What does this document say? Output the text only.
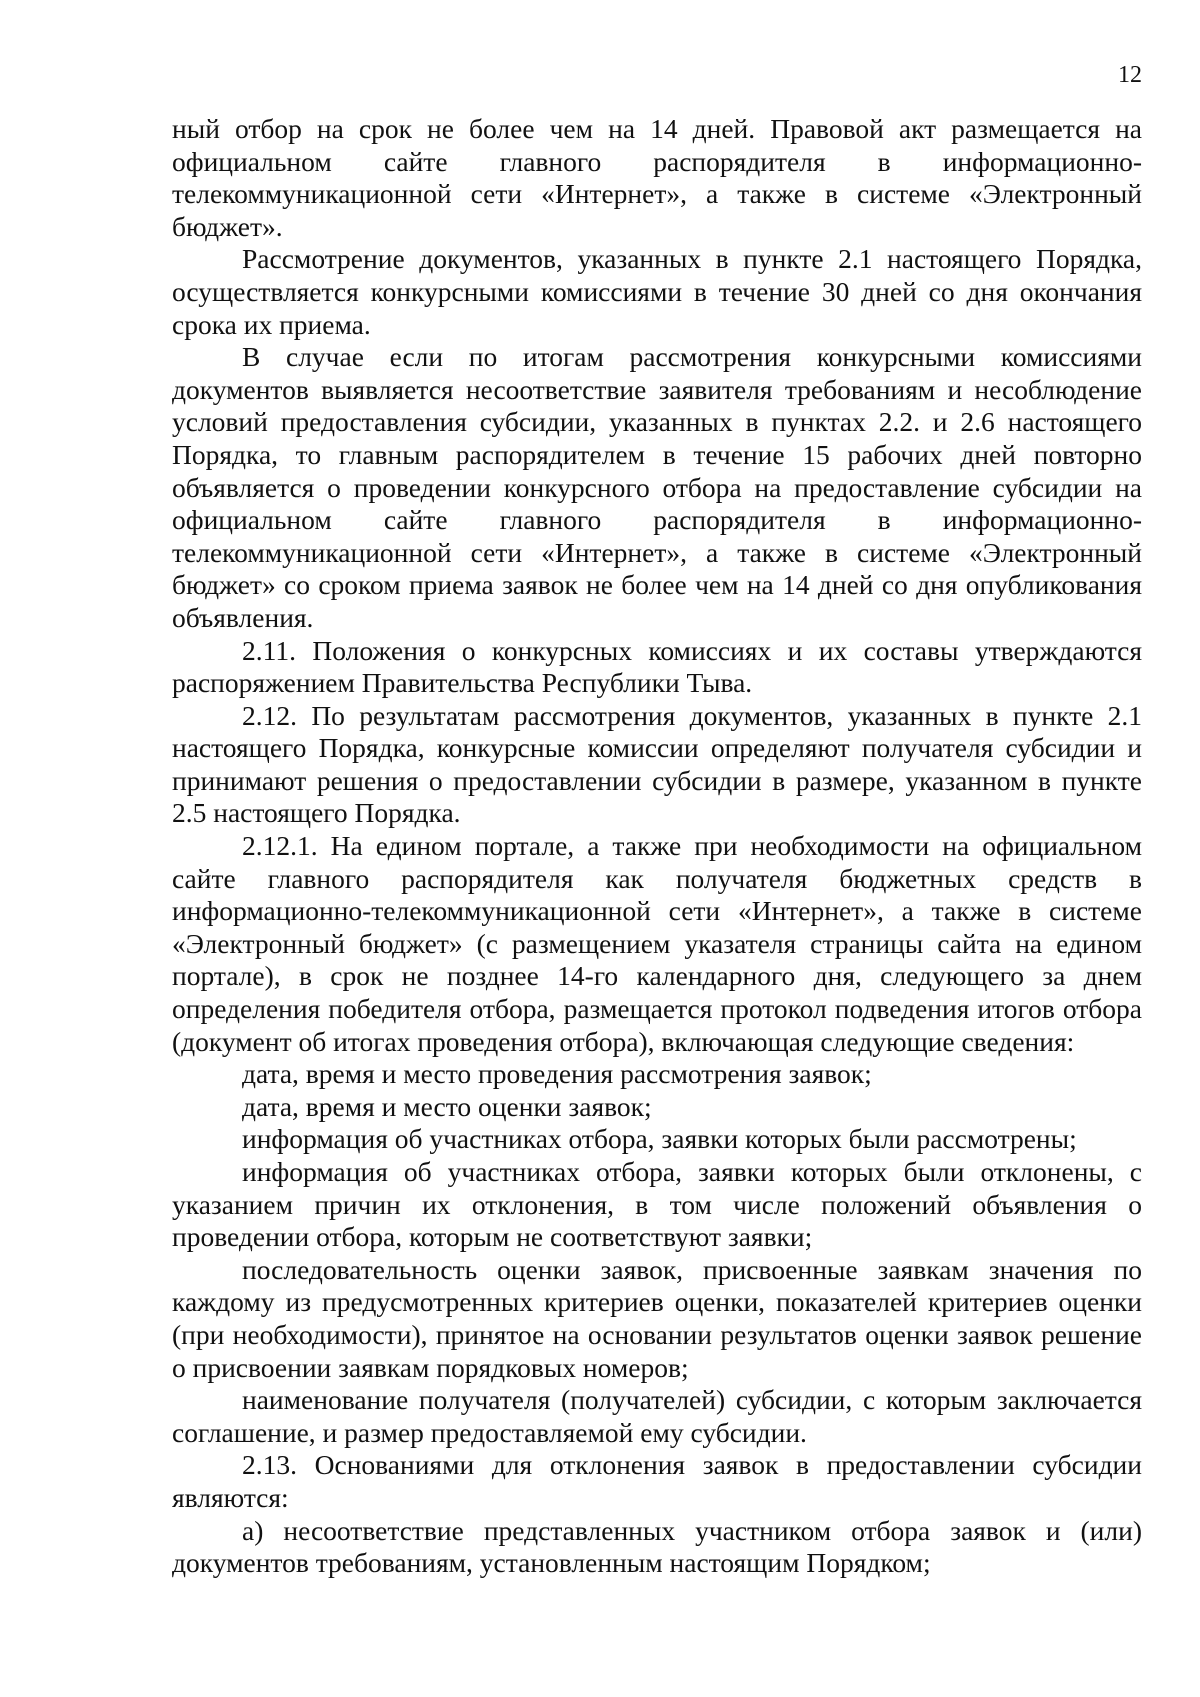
12

ный отбор на срок не более чем на 14 дней. Правовой акт размещается на официальном сайте главного распорядителя в информационно-телекоммуникационной сети «Интернет», а также в системе «Электронный бюджет».

Рассмотрение документов, указанных в пункте 2.1 настоящего Порядка, осуществляется конкурсными комиссиями в течение 30 дней со дня окончания срока их приема.

В случае если по итогам рассмотрения конкурсными комиссиями документов выявляется несоответствие заявителя требованиям и несоблюдение условий предоставления субсидии, указанных в пунктах 2.2. и 2.6 настоящего Порядка, то главным распорядителем в течение 15 рабочих дней повторно объявляется о проведении конкурсного отбора на предоставление субсидии на официальном сайте главного распорядителя в информационно-телекоммуникационной сети «Интернет», а также в системе «Электронный бюджет» со сроком приема заявок не более чем на 14 дней со дня опубликования объявления.

2.11. Положения о конкурсных комиссиях и их составы утверждаются распоряжением Правительства Республики Тыва.

2.12. По результатам рассмотрения документов, указанных в пункте 2.1 настоящего Порядка, конкурсные комиссии определяют получателя субсидии и принимают решения о предоставлении субсидии в размере, указанном в пункте 2.5 настоящего Порядка.

2.12.1. На едином портале, а также при необходимости на официальном сайте главного распорядителя как получателя бюджетных средств в информационно-телекоммуникационной сети «Интернет», а также в системе «Электронный бюджет» (с размещением указателя страницы сайта на едином портале), в срок не позднее 14-го календарного дня, следующего за днем определения победителя отбора, размещается протокол подведения итогов отбора (документ об итогах проведения отбора), включающая следующие сведения:

дата, время и место проведения рассмотрения заявок;

дата, время и место оценки заявок;

информация об участниках отбора, заявки которых были рассмотрены;

информация об участниках отбора, заявки которых были отклонены, с указанием причин их отклонения, в том числе положений объявления о проведении отбора, которым не соответствуют заявки;

последовательность оценки заявок, присвоенные заявкам значения по каждому из предусмотренных критериев оценки, показателей критериев оценки (при необходимости), принятое на основании результатов оценки заявок решение о присвоении заявкам порядковых номеров;

наименование получателя (получателей) субсидии, с которым заключается соглашение, и размер предоставляемой ему субсидии.

2.13. Основаниями для отклонения заявок в предоставлении субсидии являются:

а) несоответствие представленных участником отбора заявок и (или) документов требованиям, установленным настоящим Порядком;
